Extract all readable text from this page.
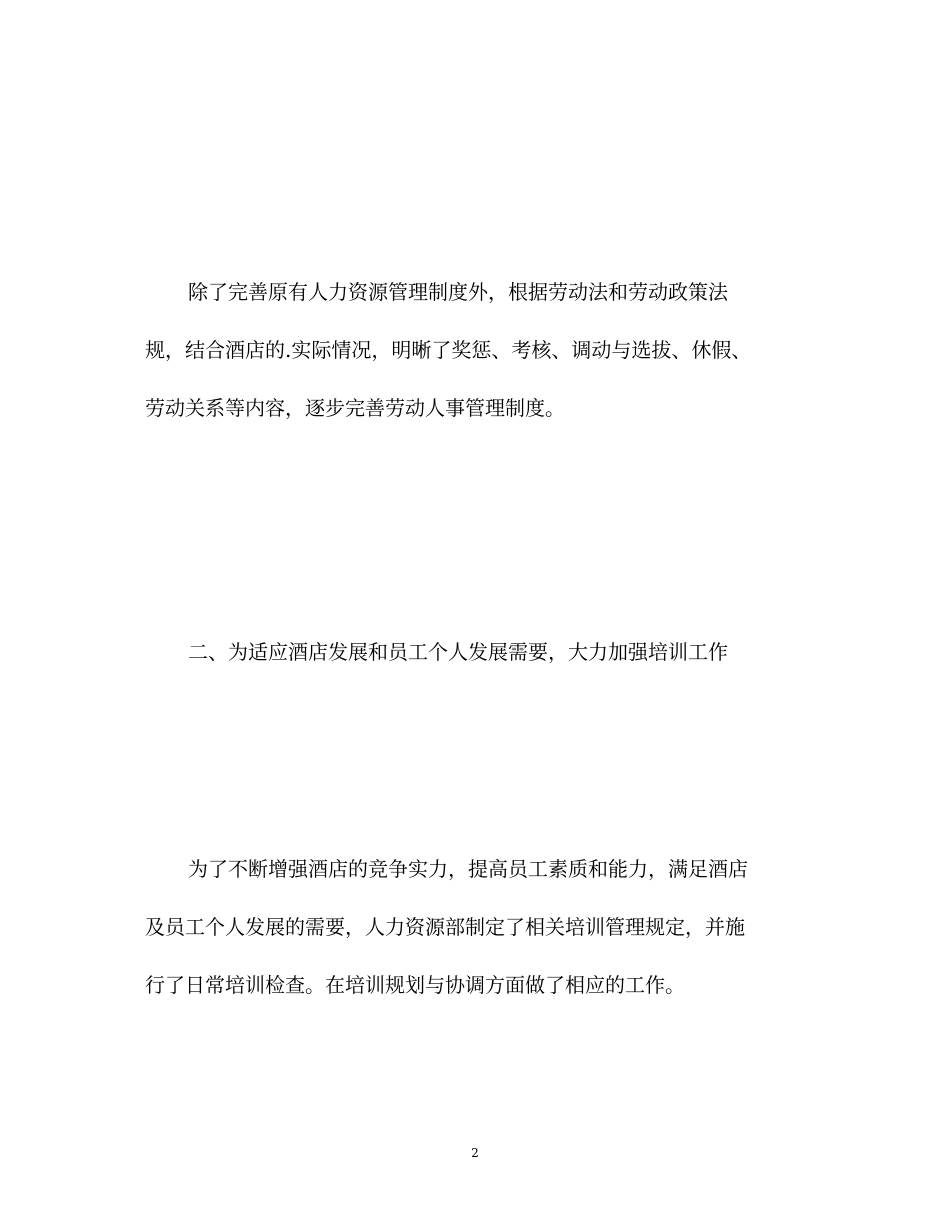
除了完善原有人力资源管理制度外，根据劳动法和劳动政策法
规，结合酒店的.实际情况，明晰了奖惩、考核、调动与选拔、休假、
劳动关系等内容，逐步完善劳动人事管理制度。
二、为适应酒店发展和员工个人发展需要，大力加强培训工作
为了不断增强酒店的竞争实力，提高员工素质和能力，满足酒店
及员工个人发展的需要，人力资源部制定了相关培训管理规定，并施
行了日常培训检查。在培训规划与协调方面做了相应的工作。
2
